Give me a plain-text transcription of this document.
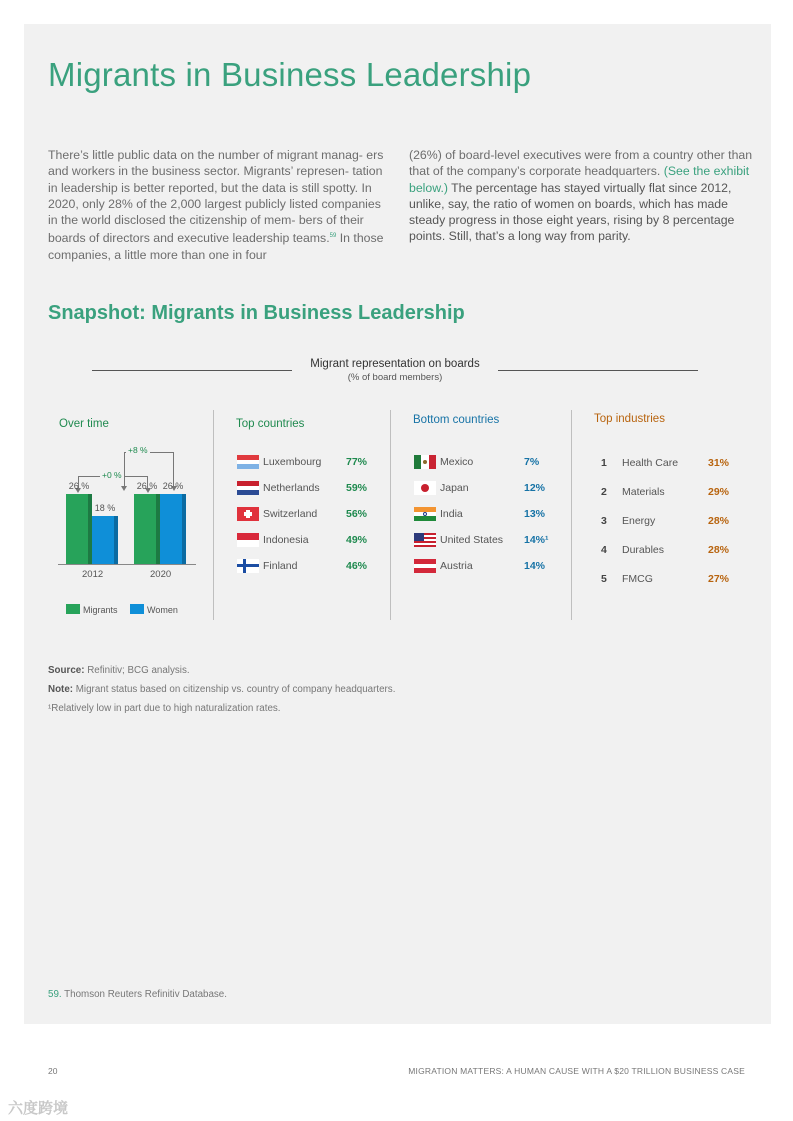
Migrants in Business Leadership
There’s little public data on the number of migrant manag- ers and workers in the business sector. Migrants’ represen- tation in leadership is better reported, but the data is still spotty. In 2020, only 28% of the 2,000 largest publicly listed companies in the world disclosed the citizenship of mem- bers of their boards of directors and executive leadership teams.$^{59}$ In those companies, a little more than one in four
(26%) of board-level executives were from a country other than that of the company’s corporate headquarters. (See the exhibit below.) The percentage has stayed virtually flat since 2012, unlike, say, the ratio of women on boards, which has made steady progress in those eight years, rising by 8 percentage points. Still, that’s a long way from parity.
Snapshot: Migrants in Business Leadership
Migrant representation on boards
(% of board members)
Over time
+8 %
+0 %
26 %
18 %
2012
26 % 26 %
2020
Migrants	Women
Top countries
Luxembourg 77%
Netherlands	59%
Switzerland	56%
Indonesia	49%
Finland	46%
Bottom countries
Mexico	7%
Japan	12%
India	13%
United States 14%¹
Austria	14%
Top industries
1 Health Care	31%
2 Materials	29%
3 Energy	28%
4 Durables	28%
5 FMCG	27%
Source: Refinitiv; BCG analysis.
Note: Migrant status based on citizenship vs. country of company headquarters.
¹Relatively low in part due to high naturalization rates.
59. Thomson Reuters Refinitiv Database.
20	MIGRATION MATTERS: A HUMAN CAUSE WITH A $20 TRILLION BUSINESS CASE
六度跨境
